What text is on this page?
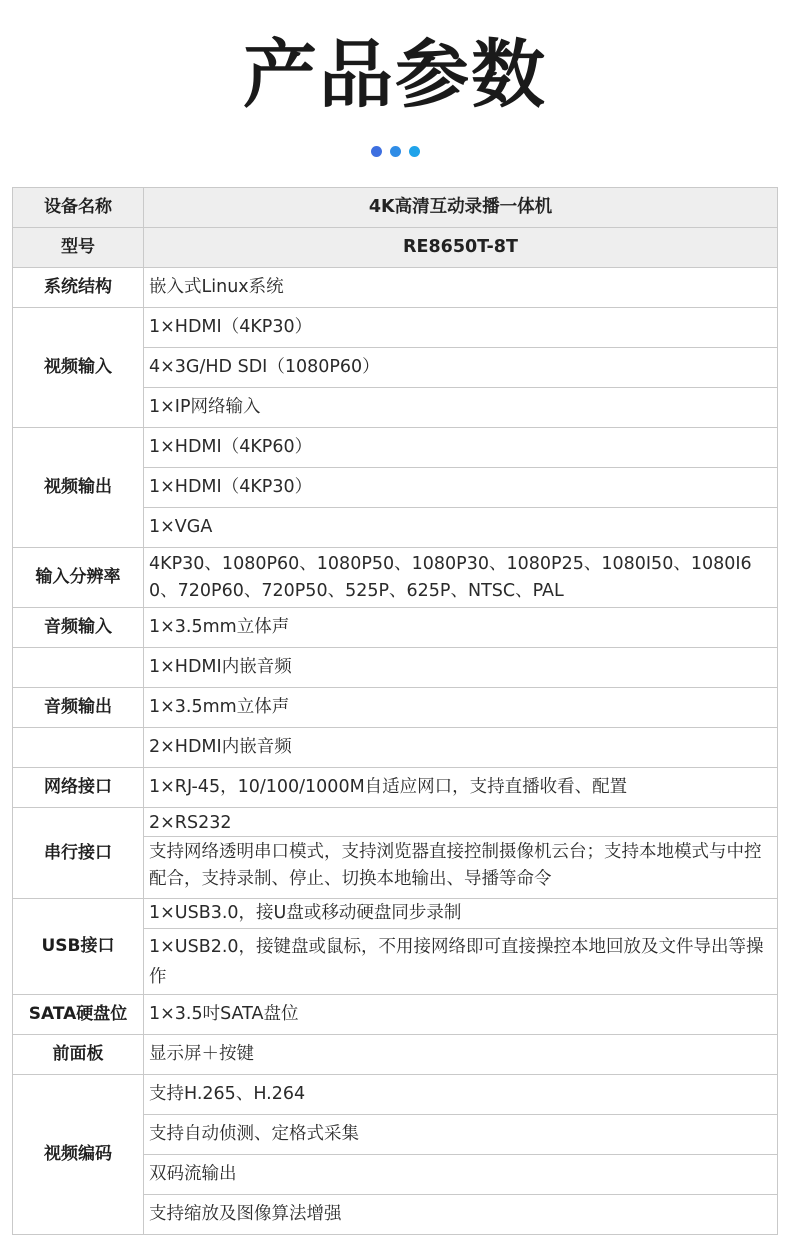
产品参数
设备名称	4K高清互动录播一体机
型号	RE8650T-8T
系统结构	嵌入式Linux系统
视频输入	1×HDMI（4KP30）
	4×3G/HD SDI（1080P60）
	1×IP网络输入
视频输出	1×HDMI（4KP60）
	1×HDMI（4KP30）
	1×VGA
输入分辨率	4KP30、1080P60、1080P50、1080P30、1080P25、1080I50、1080I60、720P60、720P50、525P、625P、NTSC、PAL
音频输入	1×3.5mm立体声
	1×HDMI内嵌音频
音频输出	1×3.5mm立体声
	2×HDMI内嵌音频
网络接口	1×RJ-45，10/100/1000M自适应网口，支持直播收看、配置
串行接口	2×RS232
支持网络透明串口模式，支持浏览器直接控制摄像机云台；支持本地模式与中控配合，支持录制、停止、切换本地输出、导播等命令

USB接口	1×USB3.0，接U盘或移动硬盘同步录制
	1×USB2.0，接键盘或鼠标，不用接网络即可直接操控本地回放及文件导出等操作
SATA硬盘位	1×3.5吋SATA盘位
前面板	显示屏＋按键
视频编码	支持H.265、H.264
	支持自动侦测、定格式采集
	双码流输出
	支持缩放及图像算法增强
